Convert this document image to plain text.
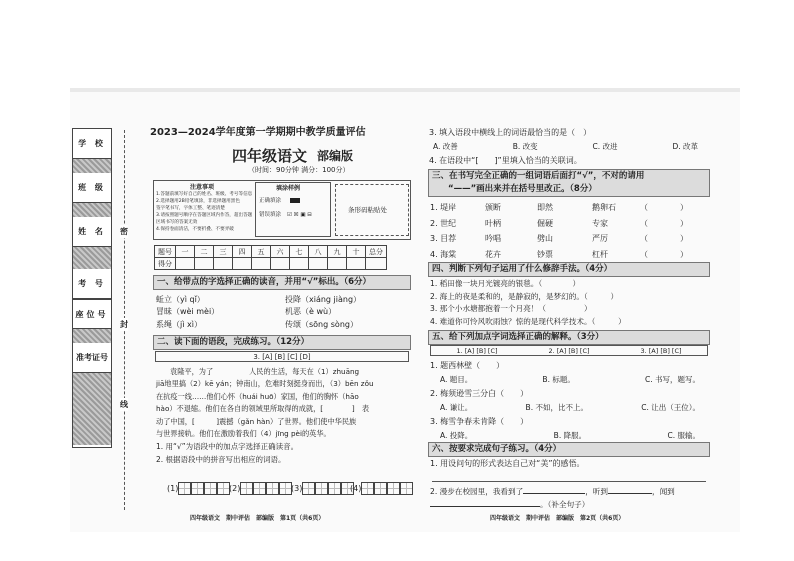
学 校
班 级
姓 名
考 号
座位号
准考证号
密
封
线
2023—2024学年度第一学期期中教学质量评估
四年级语文 部编版
（时间：90分钟 满分：100分）
注意事项
1.答题前填写好自己的姓名、班级、考号等信息
2.选择题用2B铅笔填涂，非选择题用黑色
签字笔书写，字体工整、笔迹清楚
3.请按照题号顺序在答题区域内作答，超出答题
区域书写的答案无效
4.保持卷面清洁，不要折叠、不要弄破
填涂样例
正确填涂
错误填涂 ☑ ☒ ▣ ⊟
条形码粘贴处
题号	一	二	三	四	五	六	七	八	九	十	总分
得分											
一、给带点的字选择正确的读音，并用“√”标出。（6分）
蚯立（yì qǐ）	投降（xiáng jiàng）
冒昧（wèi mèi）	机恶（è wù）
系绳（jì xì）	传颂（sōng sòng）
二、读下面的语段，完成练习。（12分）
3. [A] [B] [C] [D]
袁隆平，为了　　　　　人民的生活，每天在（1）zhuāng
jiā地里搞（2）kē yán；钟南山，危难时刻挺身而出，（3）bēn zǒu
在抗疫一线……他们心怀（huái huō）家国，他们的胸怀（hāo
hào）不退缩。他们在各自的领域里所取得的成就，[　　　　]　表
动了中国，[　　　]震撼（gǎn hàn）了世界。他们使中华民族
与世界接轨。他们在激励着我们（4）jīng pèi的英华。
1. 用“√”为语段中的加点字选择正确读音。
2. 根据语段中的拼音写出相应的词语。
(1)	(2)	(3)	(4)
四年级语文　期中评估　部编版　第1页（共6页）
3. 填入语段中横线上的词语最恰当的是（　）
A. 改善	B. 改变	C. 改进	D. 改革
4. 在语段中“[　　]”里填入恰当的关联词。
三、在书写完全正确的一组词语后面打“√”，不对的请用
“——”画出来并在括号里改正。（8分）
1. 堤岸	颁断	即然	鹅卵石	（　　　　）
2. 世纪	叶柄	倔硬	专家	（　　　　）
3. 目荐	吟唱	劈山	严厉	（　　　　）
4. 海棠	花卉	钞票	杠杆	（　　　　）
四、判断下列句子运用了什么修辞手法。（4分）
1. 稻田像一块月光镀亮的银毯。（　　　　）
2. 海上的夜是柔和的，是静寂的，是梦幻的。（　　　）
3. 那个小水塘都抱着一个月亮！（　　　　　）
4. 难道你可怜风吹雨蚀？惊的是现代科学技术。（　　　）
五、给下列加点字词选择正确的解释。（3分）
1. [A] [B] [C]	2. [A] [B] [C]	3. [A] [B] [C]
1. 题西林壁（　　）
A. 题目。	B. 标题。	C. 书写，题写。
2. 梅须逊雪三分白（　　）
A. 谦让。	B. 不如，比不上。	C. 让出（王位）。
3. 梅雪争春未肯降（　　）
A. 投降。	B. 降服。	C. 服输。
六、按要求完成句子练习。（4分）
1. 用设问句的形式表达自己对“美”的感悟。
2. 漫步在校园里，我看到了	，听到	，闻到
。（补全句子）
四年级语文　期中评估　部编版　第2页（共6页）
